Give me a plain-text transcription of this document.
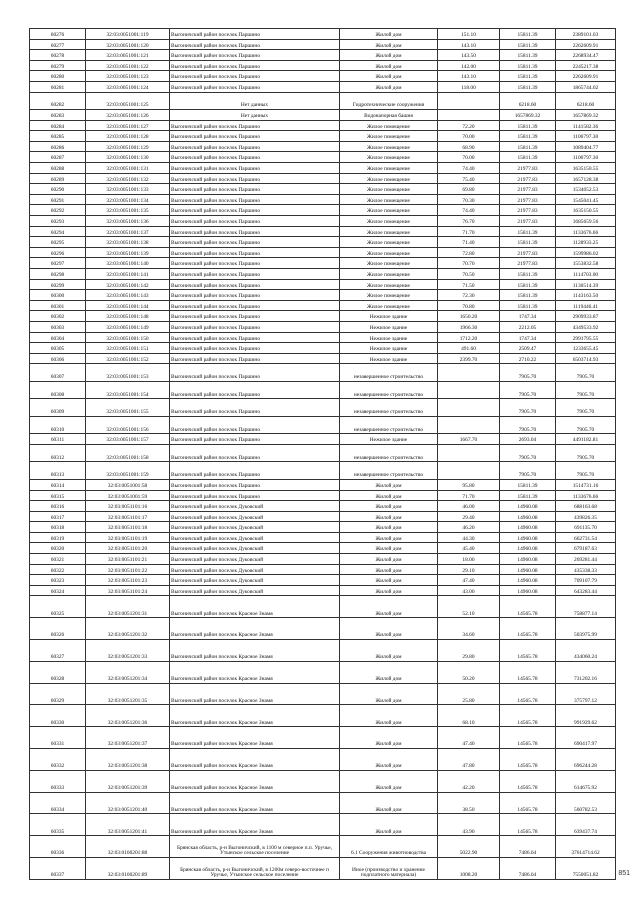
60276	32:03:0051001:119	Выгоничский район поселок Паршино	Жилой дом	151.10	15811.39	2389101.03
60277	32:03:0051001:120	Выгоничский район поселок Паршино	Жилой дом	143.10	15811.39	2262609.91
60278	32:03:0051001:121	Выгоничский район поселок Паршино	Жилой дом	143.50	15811.39	2268934.47
60279	32:03:0051001:122	Выгоничский район поселок Паршино	Жилой дом	142.00	15811.39	2245217.38
60280	32:03:0051001:123	Выгоничский район поселок Паршино	Жилой дом	143.10	15811.39	2262609.91
60281	32:03:0051001:124	Выгоничский район поселок Паршино	Жилой дом	118.00	15811.39	1865744.02
60282	32:03:0051001:125	Нет данных	Гидротехнические сооружения		6218.60	6218.60
60283	32:03:0051001:126	Нет данных	Водонапорная башня		1657869.32	1657869.32
60284	32:03:0051001:127	Выгоничский район поселок Паршино	Жилое помещение	72.20	15811.39	1141582.36
60285	32:03:0051001:128	Выгоничский район поселок Паршино	Жилое помещение	70.00	15811.39	1106797.30
60286	32:03:0051001:129	Выгоничский район поселок Паршино	Жилое помещение	68.90	15811.39	1089404.77
60287	32:03:0051001:130	Выгоничский район поселок Паршино	Жилое помещение	70.00	15811.39	1106797.30
60288	32:03:0051001:131	Выгоничский район поселок Паршино	Жилое помещение	74.40	21977.83	1635150.55
60289	32:03:0051001:132	Выгоничский район поселок Паршино	Жилое помещение	75.40	21977.83	1657128.38
60290	32:03:0051001:133	Выгоничский район поселок Паршино	Жилое помещение	69.80	21977.83	1534052.53
60291	32:03:0051001:134	Выгоничский район поселок Паршино	Жилое помещение	70.30	21977.83	1545041.45
60292	32:03:0051001:135	Выгоничский район поселок Паршино	Жилое помещение	74.40	21977.83	1635150.55
60293	32:03:0051001:136	Выгоничский район поселок Паршино	Жилое помещение	76.70	21977.83	1685659.56
60294	32:03:0051001:137	Выгоничский район поселок Паршино	Жилое помещение	71.70	15811.39	1133676.66
60295	32:03:0051001:138	Выгоничский район поселок Паршино	Жилое помещение	71.40	15811.39	1128933.25
60296	32:03:0051001:139	Выгоничский район поселок Паршино	Жилое помещение	72.80	21977.83	1599986.02
60297	32:03:0051001:140	Выгоничский район поселок Паршино	Жилое помещение	70.70	21977.83	1553832.58
60298	32:03:0051001:141	Выгоничский район поселок Паршино	Жилое помещение	70.50	15811.39	1114703.00
60299	32:03:0051001:142	Выгоничский район поселок Паршино	Жилое помещение	71.50	15811.39	1130514.39
60300	32:03:0051001:143	Выгоничский район поселок Паршино	Жилое помещение	72.30	15811.39	1143163.50
60301	32:03:0051001:144	Выгоничский район поселок Паршино	Жилое помещение	70.80	15811.39	1119446.41
60302	32:03:0051001:148	Выгоничский район поселок Паршино	Нежилое здание	1650.20	1747.34	2909933.87
60303	32:03:0051001:149	Выгоничский район поселок Паршино	Нежилое здание	1966.30	2212.05	4349533.92
60304	32:03:0051001:150	Выгоничский район поселок Паршино	Нежилое здание	1712.20	1747.34	2991795.55
60305	32:03:0051001:151	Выгоничский район поселок Паршино	Нежилое здание	491.60	2509.47	1233655.45
60306	32:03:0051001:152	Выгоничский район поселок Паршино	Нежилое здание	2399.70	2710.22	6503714.93
60307	32:03:0051001:153	Выгоничский район поселок Паршино	незавершенное строительство		7905.70	7905.70
60308	32:03:0051001:154	Выгоничский район поселок Паршино	незавершенное строительство		7905.70	7905.70
60309	32:03:0051001:155	Выгоничский район поселок Паршино	незавершенное строительство		7905.70	7905.70
60310	32:03:0051001:156	Выгоничский район поселок Паршино	незавершенное строительство		7905.70	7905.70
60311	32:03:0051001:157	Выгоничский район поселок Паршино	Нежилое здание	1667.70	2693.04	4491182.81
60312	32:03:0051001:158	Выгоничский район поселок Паршино	незавершенное строительство		7905.70	7905.70
60313	32:03:0051001:159	Выгоничский район поселок Паршино	незавершенное строительство		7905.70	7905.70
60314	32:03:0051001:58	Выгоничский район поселок Паршино	Жилой дом	95.80	15811.39	1514731.16
60315	32:03:0051001:59	Выгоничский район поселок Паршино	Жилой дом	71.70	15811.39	1133676.66
60316	32:03:0051101:16	Выгоничский район поселок Дуковский	Жилой дом	46.00	14960.08	688163.68
60317	32:03:0051101:17	Выгоничский район поселок Дуковский	Жилой дом	29.40	14960.08	439826.35
60318	32:03:0051101:18	Выгоничский район поселок Дуковский	Жилой дом	46.20	14960.08	691135.70
60319	32:03:0051101:19	Выгоничский район поселок Дуковский	Жилой дом	44.30	14960.08	662731.54
60320	32:03:0051101:20	Выгоничский район поселок Дуковский	Жилой дом	45.40	14960.08	679187.63
60321	32:03:0051101:21	Выгоничский район поселок Дуковский	Жилой дом	18.00	14960.08	269281.44
60322	32:03:0051101:22	Выгоничский район поселок Дуковский	Жилой дом	29.10	14960.08	435338.33
60323	32:03:0051101:23	Выгоничский район поселок Дуковский	Жилой дом	47.40	14960.08	709107.79
60324	32:03:0051101:24	Выгоничский район поселок Дуковский	Жилой дом	43.00	14960.08	643283.44
60325	32:03:0051201:31	Выгоничский район поселок Красное Знамя	Жилой дом	52.10	14565.78	758877.14
60326	32:03:0051201:32	Выгоничский район поселок Красное Знамя	Жилой дом	34.60	14565.78	503975.99
60327	32:03:0051201:33	Выгоничский район поселок Красное Знамя	Жилой дом	29.80	14565.78	434060.24
60328	32:03:0051201:34	Выгоничский район поселок Красное Знамя	Жилой дом	50.20	14565.78	731202.16
60329	32:03:0051201:35	Выгоничский район поселок Красное Знамя	Жилой дом	25.80	14565.78	375797.12
60330	32:03:0051201:36	Выгоничский район поселок Красное Знамя	Жилой дом	68.10	14565.78	991929.62
60331	32:03:0051201:37	Выгоничский район поселок Красное Знамя	Жилой дом	47.40	14565.78	690417.97
60332	32:03:0051201:38	Выгоничский район поселок Красное Знамя	Жилой дом	47.80	14565.78	696244.28
60333	32:03:0051201:39	Выгоничский район поселок Красное Знамя	Жилой дом	42.20	14565.78	614675.92
60334	32:03:0051201:40	Выгоничский район поселок Красное Знамя	Жилой дом	38.50	14565.78	560782.53
60335	32:03:0051201:41	Выгоничский район поселок Красное Знамя	Жилой дом	43.90	14565.78	639437.74
60336	32:03:0100201:88	Брянская область, р-н Выгоничский, в 1100 м северное п.п. Уручье, Утынское сельское поселение	6.1 Сооружения животноводства	5022.90	7486.64	37614714.62
60337	32:03:0100201:89	Брянская область, р-н Выгоничский, в 1200м северо-восточнее п Уручье, Утынское сельское поселение	Иное (производство и хранение подплатного материала)	1008.20	7486.64	7550051.82	851
